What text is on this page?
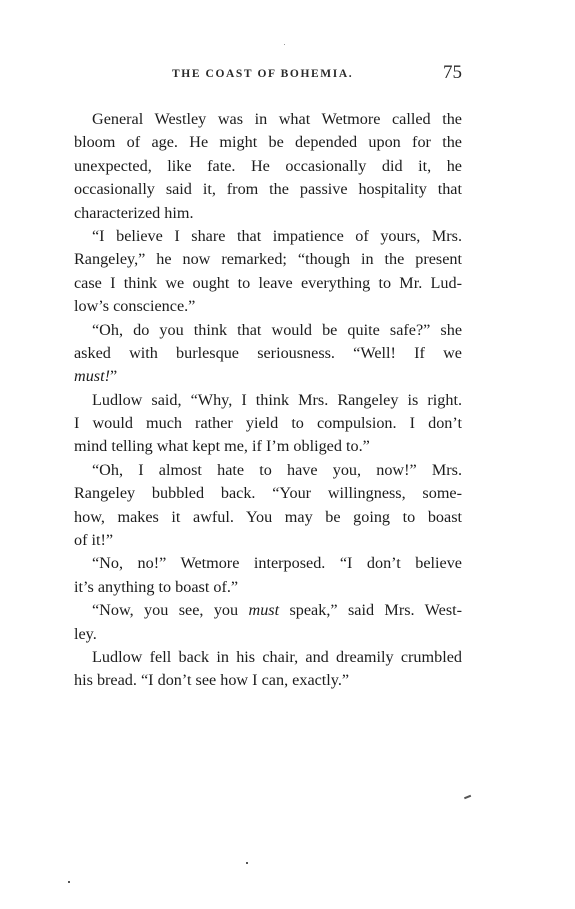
THE COAST OF BOHEMIA.	75
General Westley was in what Wetmore called the
bloom of age. He might be depended upon for the
unexpected, like fate. He occasionally did it, he
occasionally said it, from the passive hospitality that
characterized him.
“I believe I share that impatience of yours, Mrs.
Rangeley,” he now remarked; “though in the present
case I think we ought to leave everything to Mr. Lud-
low’s conscience.”
“Oh, do you think that would be quite safe?” she
asked with burlesque seriousness. “Well! If we
must!”
Ludlow said, “Why, I think Mrs. Rangeley is right.
I would much rather yield to compulsion. I don’t
mind telling what kept me, if I’m obliged to.”
“Oh, I almost hate to have you, now!” Mrs.
Rangeley bubbled back. “Your willingness, some-
how, makes it awful. You may be going to boast
of it!”
“No, no!” Wetmore interposed. “I don’t believe
it’s anything to boast of.”
“Now, you see, you must speak,” said Mrs. West-
ley.
Ludlow fell back in his chair, and dreamily crumbled
his bread. “I don’t see how I can, exactly.”
